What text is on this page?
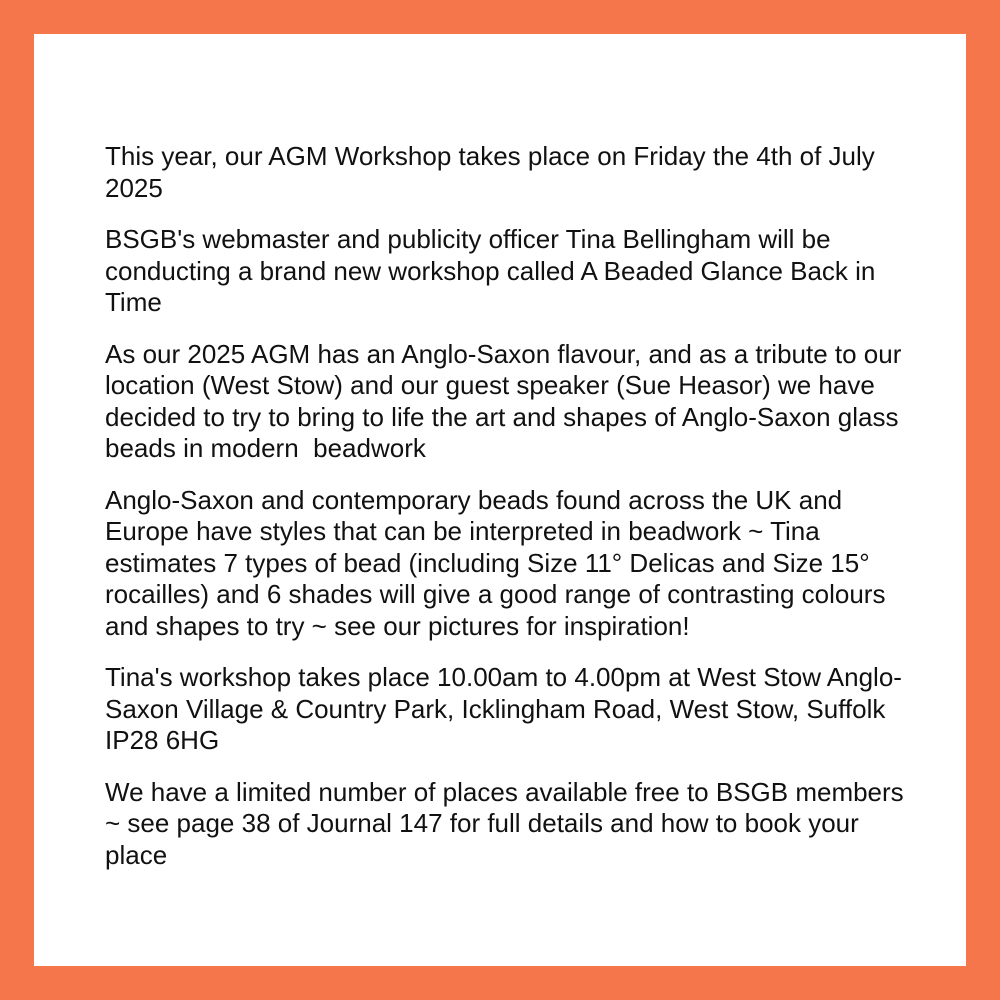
This year, our AGM Workshop takes place on Friday the 4th of July 2025

BSGB's webmaster and publicity officer Tina Bellingham will be conducting a brand new workshop called A Beaded Glance Back in Time

As our 2025 AGM has an Anglo-Saxon flavour, and as a tribute to our location (West Stow) and our guest speaker (Sue Heasor) we have decided to try to bring to life the art and shapes of Anglo-Saxon glass beads in modern  beadwork

Anglo-Saxon and contemporary beads found across the UK and Europe have styles that can be interpreted in beadwork ~ Tina estimates 7 types of bead (including Size 11° Delicas and Size 15° rocailles) and 6 shades will give a good range of contrasting colours and shapes to try ~ see our pictures for inspiration!

Tina's workshop takes place 10.00am to 4.00pm at West Stow Anglo-Saxon Village & Country Park, Icklingham Road, West Stow, Suffolk IP28 6HG

We have a limited number of places available free to BSGB members ~ see page 38 of Journal 147 for full details and how to book your place
